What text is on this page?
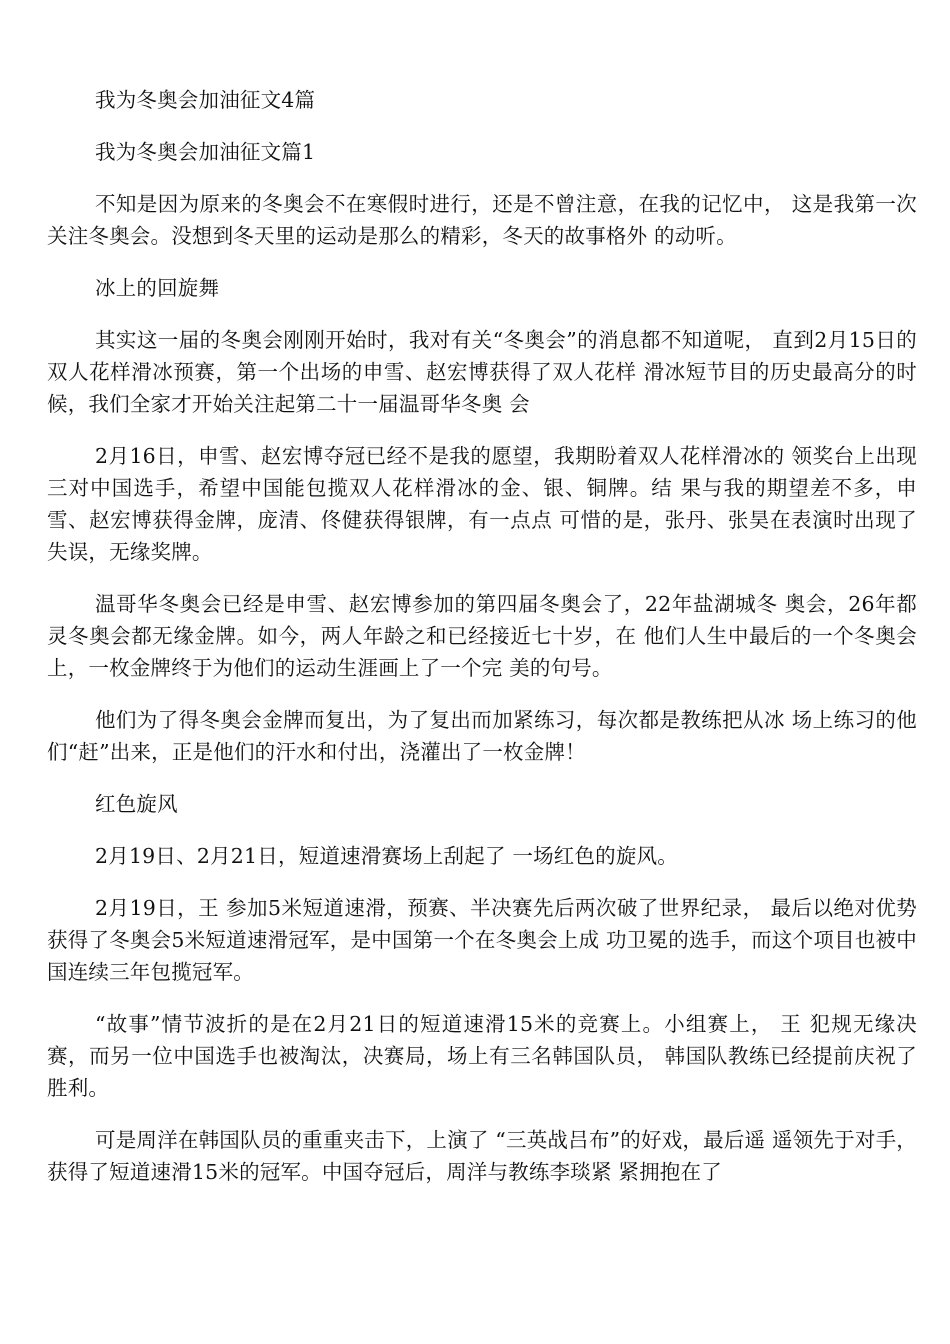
我为冬奥会加油征文4篇

我为冬奥会加油征文篇1

不知是因为原来的冬奥会不在寒假时进行，还是不曾注意，在我的记忆中， 这是我第一次关注冬奥会。没想到冬天里的运动是那么的精彩，冬天的故事格外 的动听。

冰上的回旋舞

其实这一届的冬奥会刚刚开始时，我对有关“冬奥会”的消息都不知道呢， 直到2月15日的双人花样滑冰预赛，第一个出场的申雪、赵宏博获得了双人花样 滑冰短节目的历史最高分的时候，我们全家才开始关注起第二十一届温哥华冬奥 会

2月16日，申雪、赵宏博夺冠已经不是我的愿望，我期盼着双人花样滑冰的 领奖台上出现三对中国选手，希望中国能包揽双人花样滑冰的金、银、铜牌。结 果与我的期望差不多，申雪、赵宏博获得金牌，庞清、佟健获得银牌，有一点点 可惜的是，张丹、张昊在表演时出现了失误，无缘奖牌。

温哥华冬奥会已经是申雪、赵宏博参加的第四届冬奥会了，22年盐湖城冬 奥会，26年都灵冬奥会都无缘金牌。如今，两人年龄之和已经接近七十岁，在 他们人生中最后的一个冬奥会上，一枚金牌终于为他们的运动生涯画上了一个完 美的句号。

他们为了得冬奥会金牌而复出，为了复出而加紧练习，每次都是教练把从冰 场上练习的他们“赶”出来，正是他们的汗水和付出，浇灌出了一枚金牌！

红色旋风

2月19日、2月21日，短道速滑赛场上刮起了 一场红色的旋风。

2月19日，王 参加5米短道速滑，预赛、半决赛先后两次破了世界纪录， 最后以绝对优势获得了冬奥会5米短道速滑冠军，是中国第一个在冬奥会上成 功卫冕的选手，而这个项目也被中国连续三年包揽冠军。

“故事”情节波折的是在2月21日的短道速滑15米的竞赛上。小组赛上， 王 犯规无缘决赛，而另一位中国选手也被淘汰，决赛局，场上有三名韩国队员， 韩国队教练已经提前庆祝了胜利。

可是周洋在韩国队员的重重夹击下，上演了 “三英战吕布”的好戏，最后遥 遥领先于对手，获得了短道速滑15米的冠军。中国夺冠后，周洋与教练李琰紧 紧拥抱在了
